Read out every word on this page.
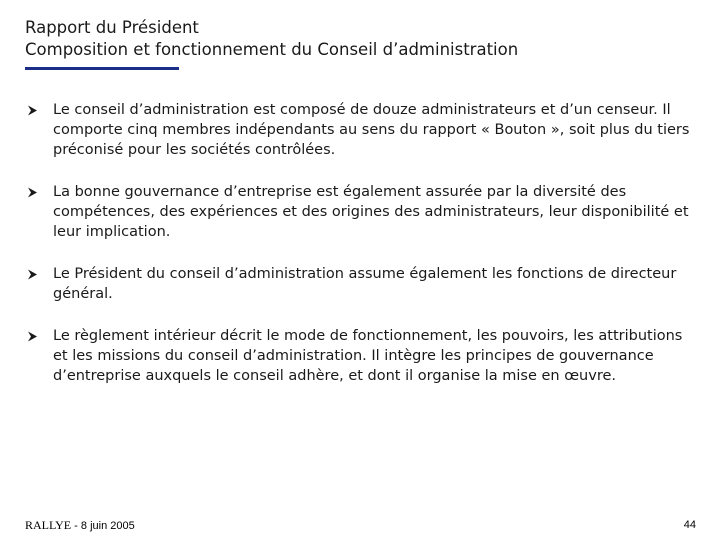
Rapport du Président
Composition et fonctionnement du Conseil d’administration
Le conseil d’administration est composé de douze administrateurs et d’un censeur. Il comporte cinq membres indépendants au sens du rapport « Bouton », soit plus du tiers préconisé pour les sociétés contrôlées.
La bonne gouvernance d’entreprise est également assurée par la diversité des compétences, des expériences et des origines des administrateurs, leur disponibilité et leur implication.
Le Président du conseil d’administration assume également les fonctions de directeur général.
Le règlement intérieur décrit le mode de fonctionnement, les pouvoirs, les attributions et les missions du conseil d’administration. Il intègre les principes de gouvernance d’entreprise auxquels le conseil adhère, et dont il organise la mise en œuvre.
RALLYE - 8 juin 2005	44
